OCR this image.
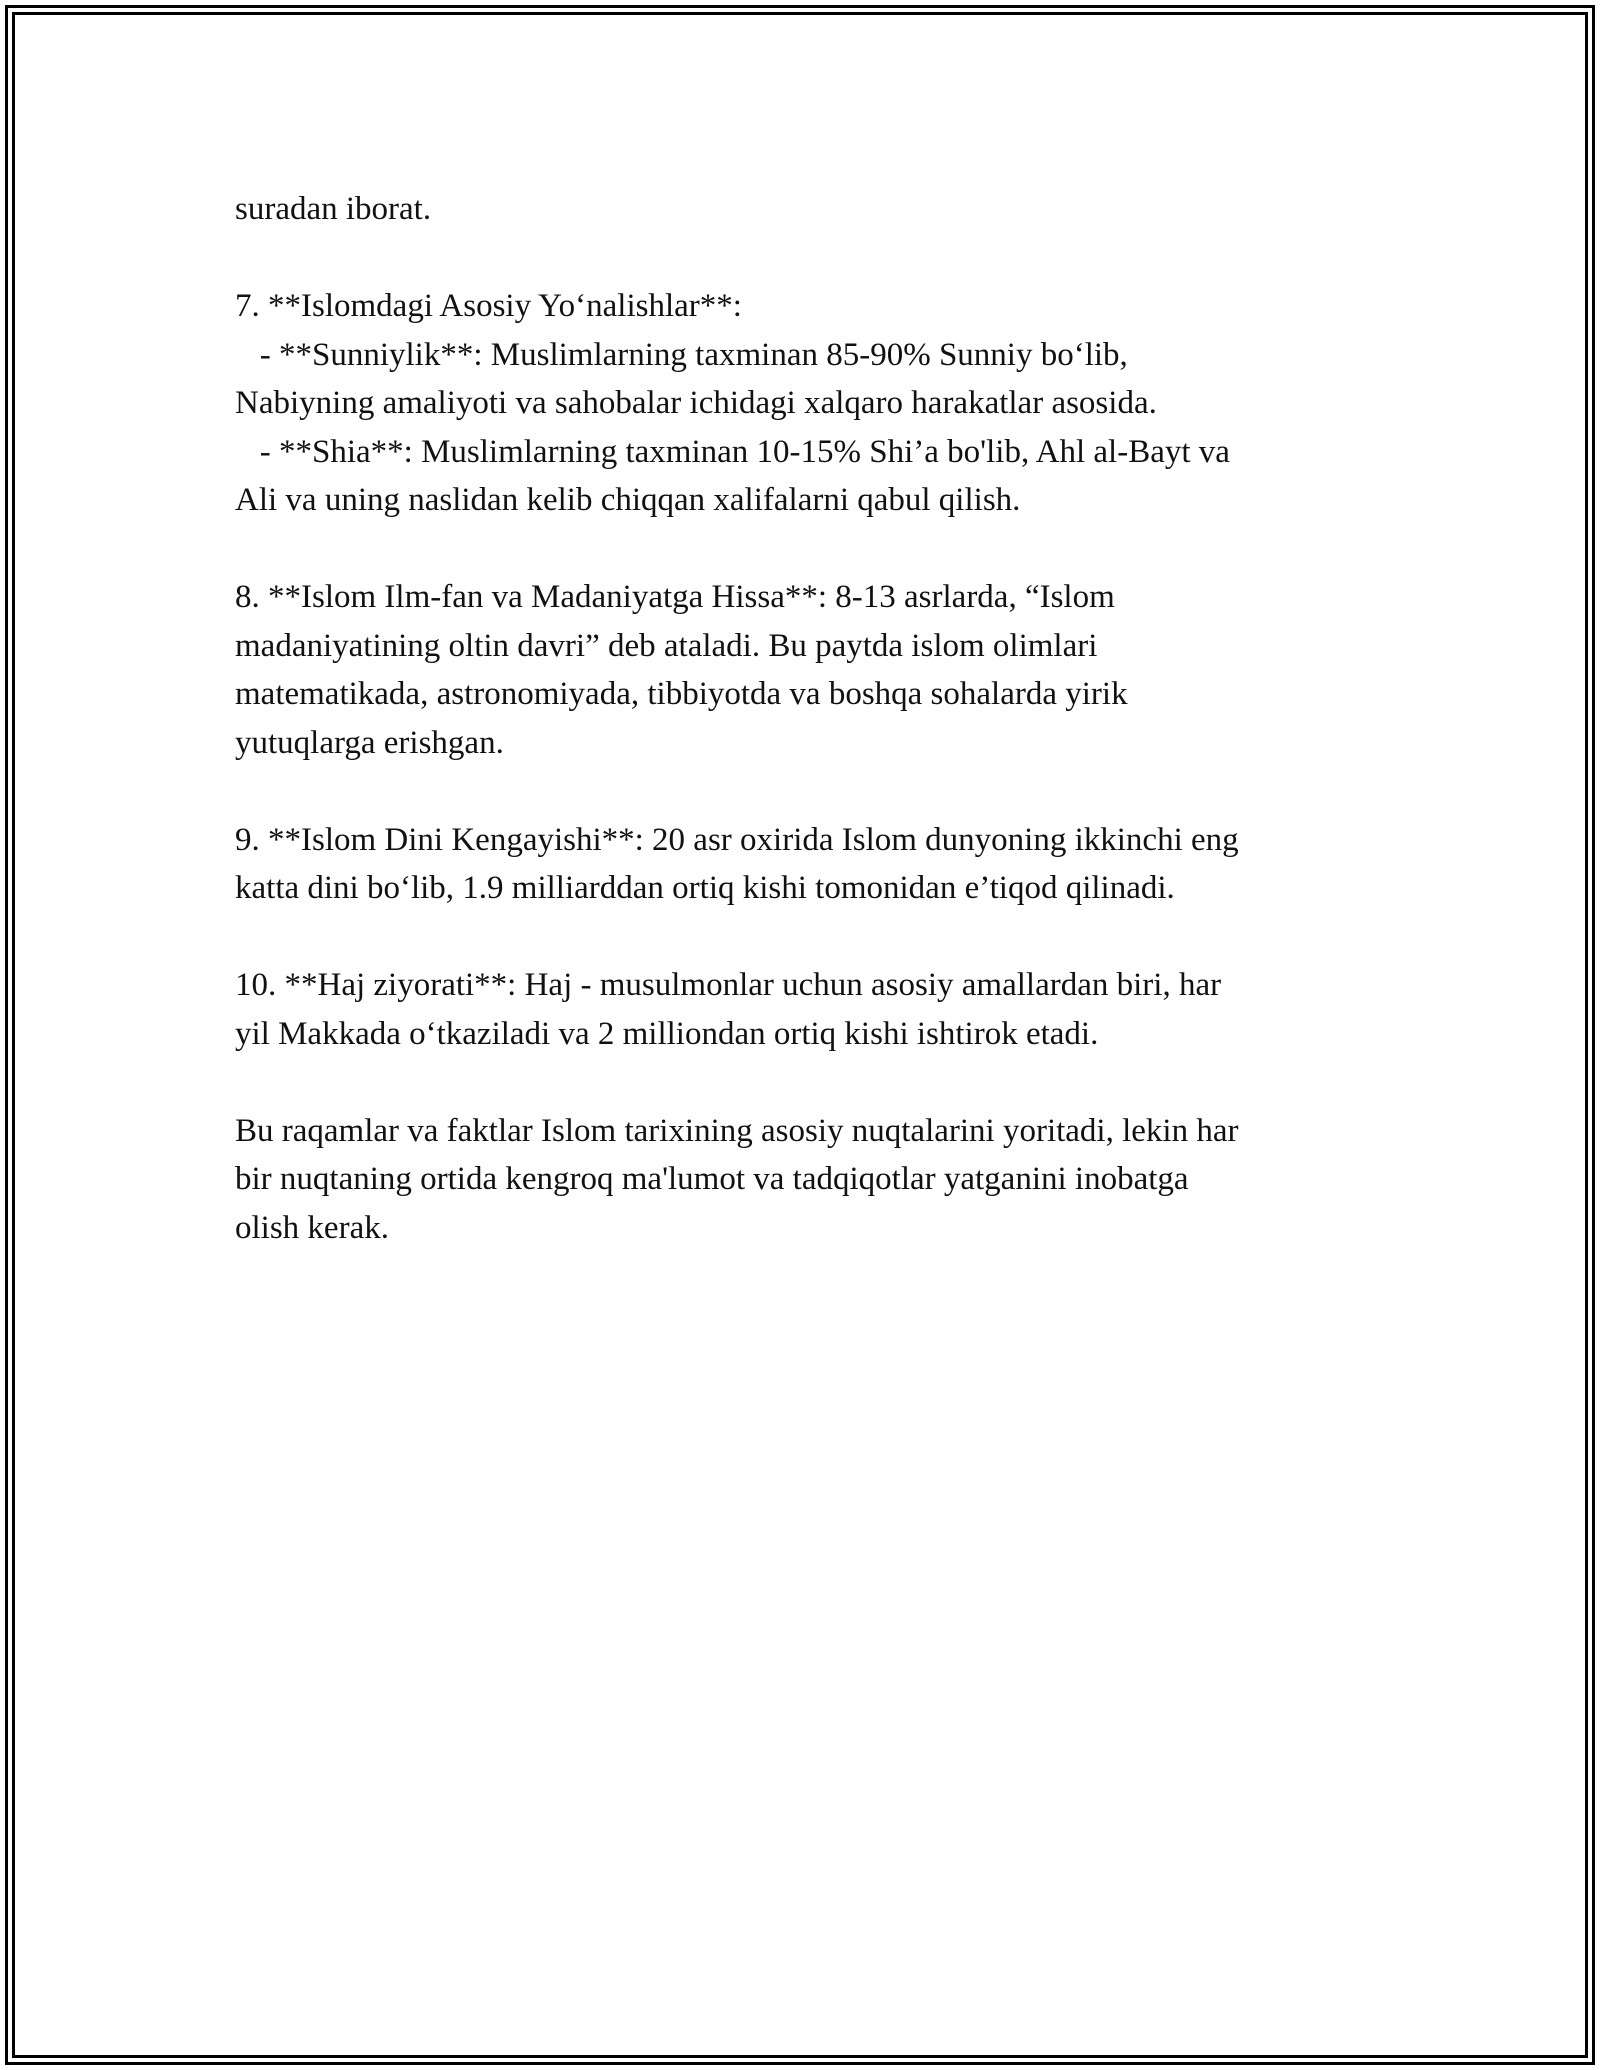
suradan iborat.
7. **Islomdagi Asosiy Yo‘nalishlar**:
- **Sunniylik**: Muslimlarning taxminan 85-90% Sunniy bo‘lib,
Nabiyning amaliyoti va sahobalar ichidagi xalqaro harakatlar asosida.
- **Shia**: Muslimlarning taxminan 10-15% Shi’a bo'lib, Ahl al-Bayt va
Ali va uning naslidan kelib chiqqan xalifalarni qabul qilish.
8. **Islom Ilm-fan va Madaniyatga Hissa**: 8-13 asrlarda, “Islom
madaniyatining oltin davri” deb ataladi. Bu paytda islom olimlari
matematikada, astronomiyada, tibbiyotda va boshqa sohalarda yirik
yutuqlarga erishgan.
9. **Islom Dini Kengayishi**: 20 asr oxirida Islom dunyoning ikkinchi eng
katta dini bo‘lib, 1.9 milliarddan ortiq kishi tomonidan e’tiqod qilinadi.
10. **Haj ziyorati**: Haj - musulmonlar uchun asosiy amallardan biri, har
yil Makkada o‘tkaziladi va 2 milliondan ortiq kishi ishtirok etadi.
Bu raqamlar va faktlar Islom tarixining asosiy nuqtalarini yoritadi, lekin har
bir nuqtaning ortida kengroq ma'lumot va tadqiqotlar yatganini inobatga
olish kerak.
